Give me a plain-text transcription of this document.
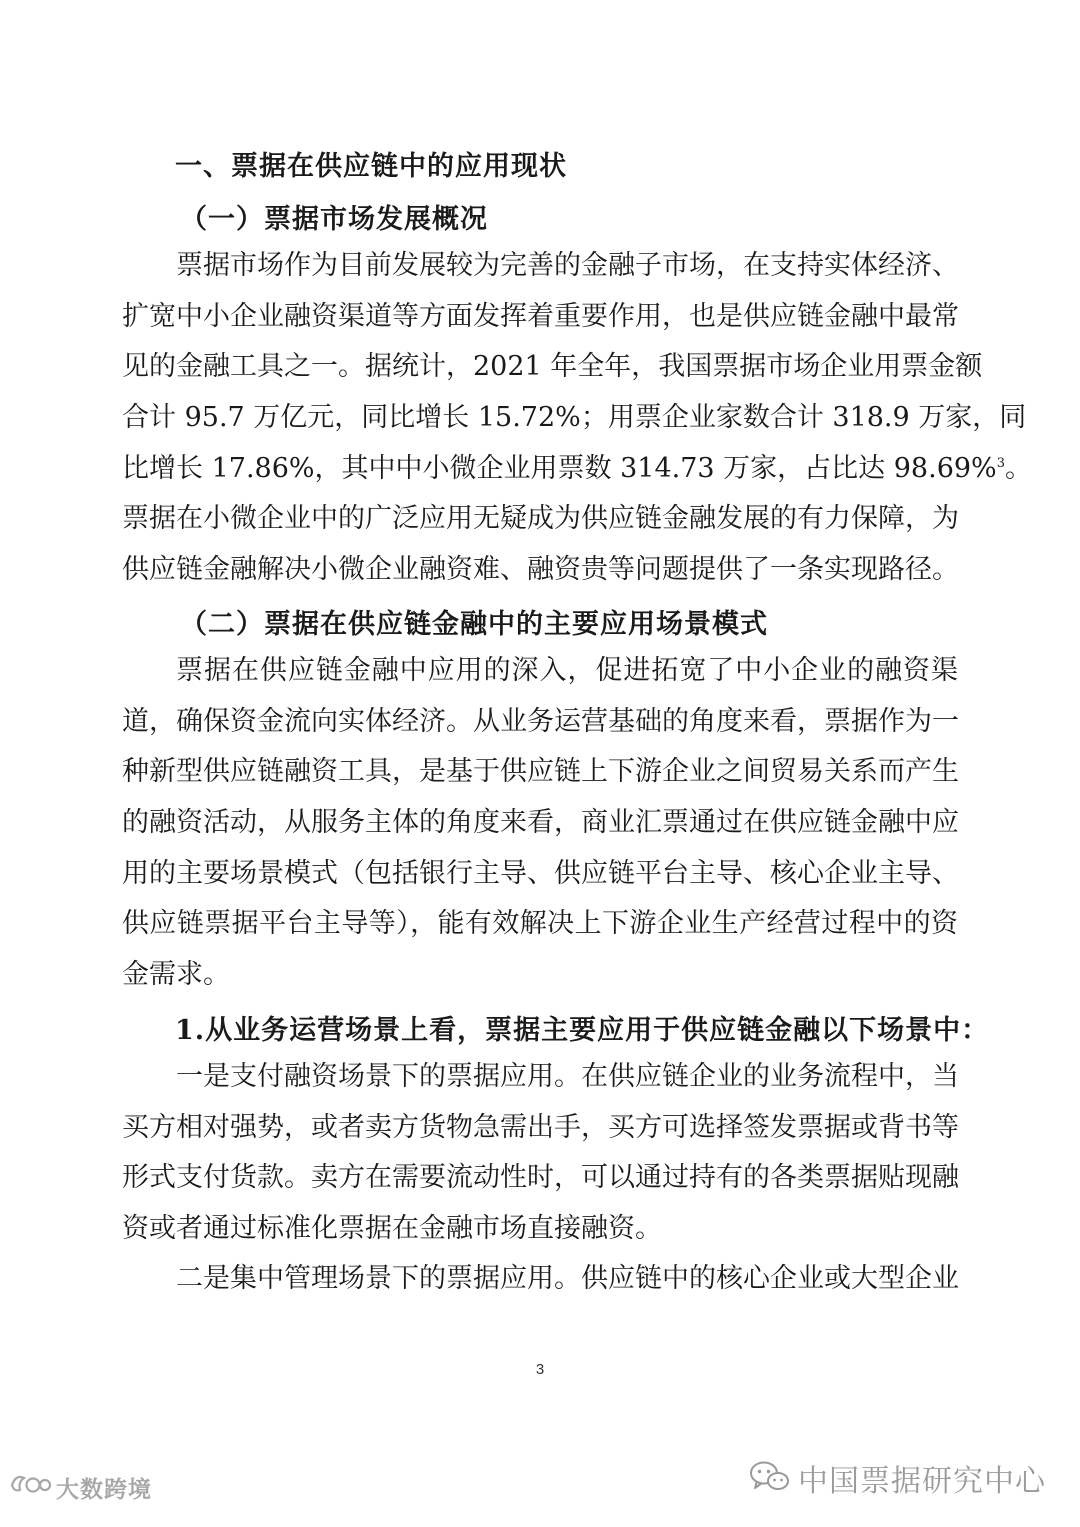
一、票据在供应链中的应用现状
（一）票据市场发展概况
票据市场作为目前发展较为完善的金融子市场，在支持实体经济、
扩宽中小企业融资渠道等方面发挥着重要作用，也是供应链金融中最常
见的金融工具之一。据统计，2021 年全年，我国票据市场企业用票金额
合计 95.7 万亿元，同比增长 15.72%；用票企业家数合计 318.9 万家，同
比增长 17.86%，其中中小微企业用票数 314.73 万家，占比达 98.69%$^3$。
票据在小微企业中的广泛应用无疑成为供应链金融发展的有力保障，为
供应链金融解决小微企业融资难、融资贵等问题提供了一条实现路径。
（二）票据在供应链金融中的主要应用场景模式
票据在供应链金融中应用的深入，促进拓宽了中小企业的融资渠
道，确保资金流向实体经济。从业务运营基础的角度来看，票据作为一
种新型供应链融资工具，是基于供应链上下游企业之间贸易关系而产生
的融资活动，从服务主体的角度来看，商业汇票通过在供应链金融中应
用的主要场景模式（包括银行主导、供应链平台主导、核心企业主导、
供应链票据平台主导等），能有效解决上下游企业生产经营过程中的资
金需求。
1.从业务运营场景上看，票据主要应用于供应链金融以下场景中：
一是支付融资场景下的票据应用。在供应链企业的业务流程中，当
买方相对强势，或者卖方货物急需出手，买方可选择签发票据或背书等
形式支付货款。卖方在需要流动性时，可以通过持有的各类票据贴现融
资或者通过标准化票据在金融市场直接融资。
二是集中管理场景下的票据应用。供应链中的核心企业或大型企业
3
大数跨境	中国票据研究中心
